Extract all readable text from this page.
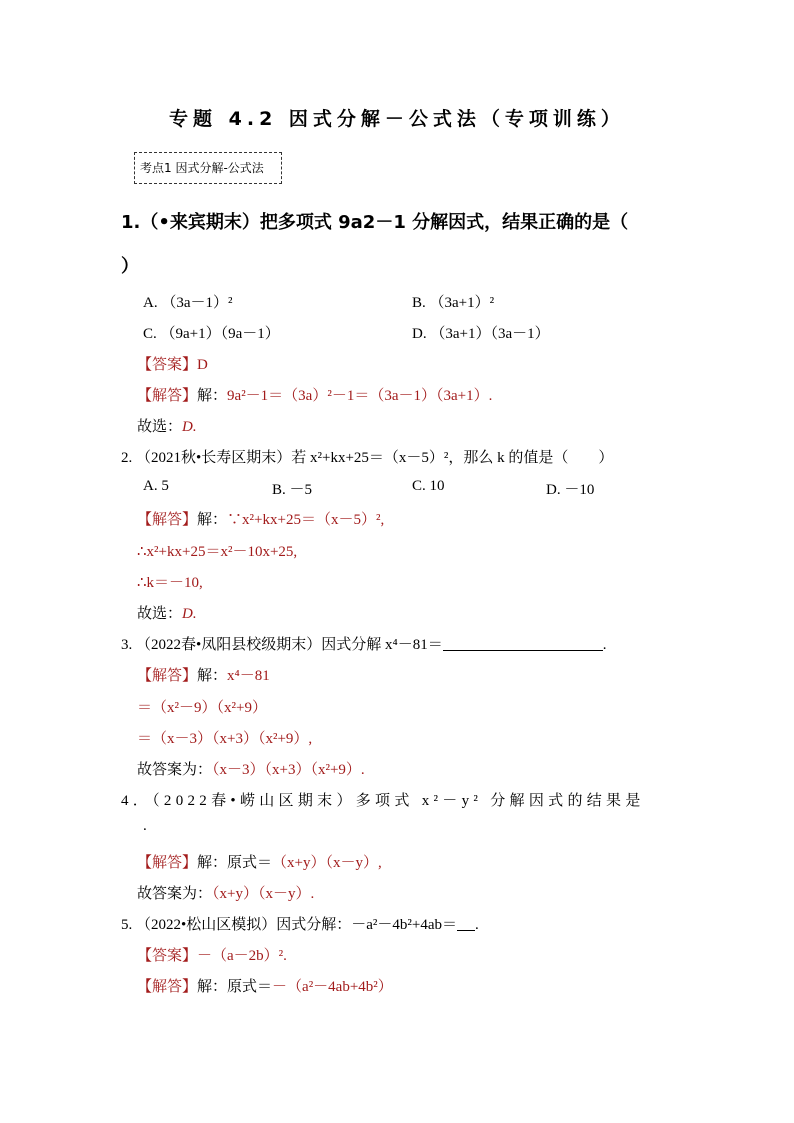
专题 4.2 因式分解－公式法（专项训练）
考点1 因式分解-公式法
1.（•来宾期末）把多项式 9a2－1 分解因式，结果正确的是（
）
A. （3a－1）²	B. （3a+1）²
C. （9a+1）（9a－1）	D. （3a+1）（3a－1）
【答案】D
【解答】解：9a²－1＝（3a）²－1＝（3a－1）（3a+1）.
故选：D.
2. （2021秋•长寿区期末）若 x²+kx+25＝（x－5）²，那么 k 的值是（　　）
A. 5	B. －5	C. 10	D. －10
【解答】解：∵x²+kx+25＝（x－5）²,
∴x²+kx+25＝x²－10x+25,
∴k＝－10,
故选：D.
3. （2022春•凤阳县校级期末）因式分解 x⁴－81＝	.
【解答】解：x⁴－81
＝（x²－9）（x²+9）
＝（x－3）（x+3）（x²+9）,
故答案为：（x－3）（x+3）（x²+9）.
4．（2022春•崂山区期末）多项式 x²－y² 分解因式的结果是
.
【解答】解：原式＝（x+y）（x－y）,
故答案为：（x+y）（x－y）.
5. （2022•松山区模拟）因式分解：－a²－4b²+4ab＝ .
【答案】－（a－2b）².
【解答】解：原式＝－（a²－4ab+4b²）
